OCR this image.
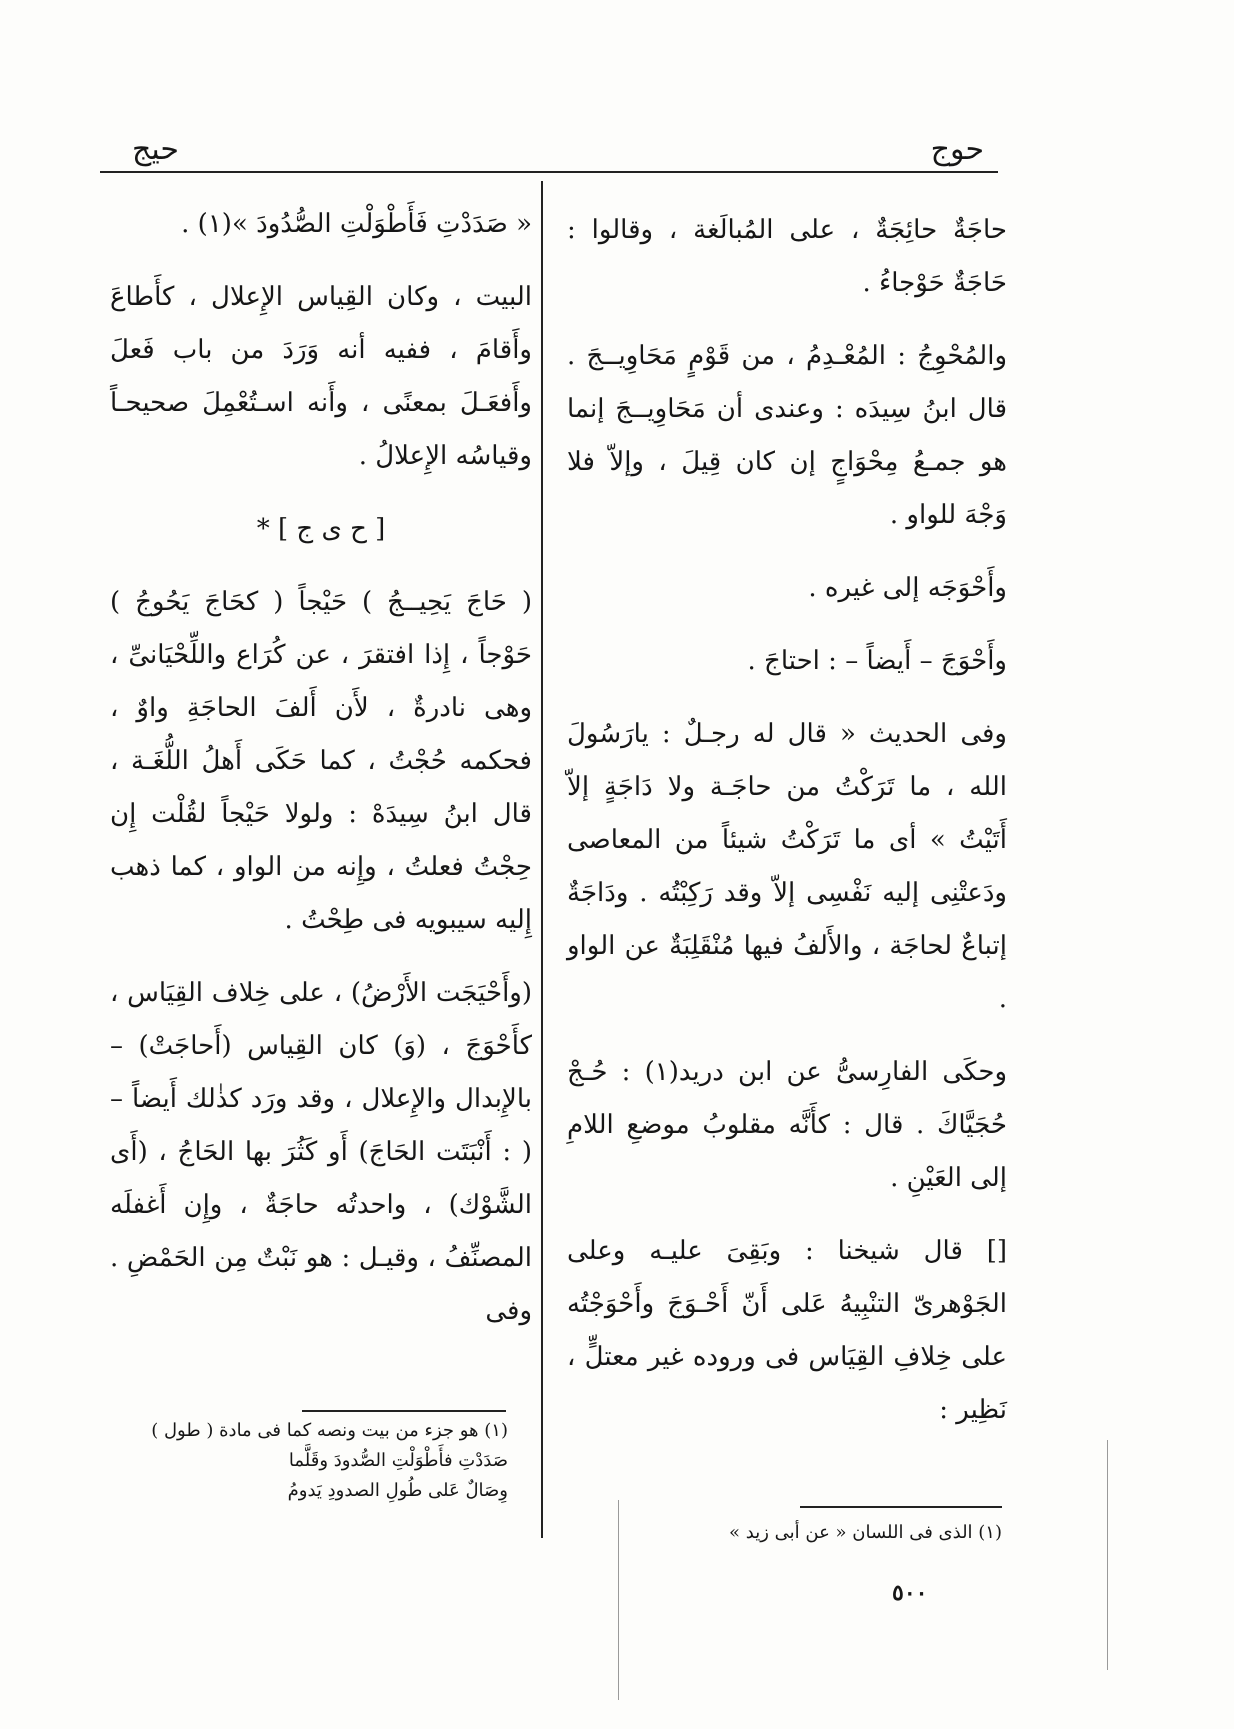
حوج
حيج

حاجَةٌ حائِجَةٌ ، على المُبالَغة ، وقالوا : حَاجَةٌ حَوْجاءُ .

والمُحْوِجُ : المُعْـدِمُ ، من قَوْمٍ مَحَاوِيــجَ . قال ابنُ سِيدَه : وعندى أن مَحَاوِيــجَ إنما هو جمـعُ مِحْوَاجٍ إن كان قِيلَ ، وإلاّ فلا وَجْهَ للواو .

وأَحْوَجَه إلى غيره .

وأَحْوَجَ – أَيضاً – : احتاجَ .

وفى الحديث « قال له رجـلٌ : يارَسُولَ الله ، ما تَرَكْتُ من حاجَـة ولا دَاجَةٍ إلاّ أَتَيْتُ » أى ما تَرَكْتُ شيئاً من المعاصى ودَعتْنِى إليه نَفْسِى إلاّ وقد رَكِبْتُه . ودَاجَةٌ إتباعٌ لحاجَة ، والأَلفُ فيها مُنْقَلِبَةٌ عن الواو .

وحكَى الفارِسىُّ عن ابن دريد(١) : حُـجْ حُجَيَّاكَ . قال : كأَنَّه مقلوبُ موضعِ اللامِ إلى العَيْنِ .

[] قال شيخنا : وبَقِىَ عليـه وعلى الجَوْهرىّ التنْبِيهُ عَلى أَنّ أَحْـوَجَ وأَحْوَجْتُه على خِلافِ القِيَاس فى وروده غير معتلٍّ ، نَظِير :

« صَدَدْتِ فَأَطْوَلْتِ الصُّدُودَ »(١) .

البيت ، وكان القِياس الإِعلال ، كأَطاعَ وأَقامَ ، ففيه أنه وَرَدَ من باب فَعلَ وأَفعَـلَ بمعنًى ، وأَنه اسـتُعْمِلَ صحيحـاً وقياسُه الإِعلالُ .

[ ح ى ج ] *

( حَاجَ يَحِيــجُ ) حَيْجاً ( كحَاجَ يَحُوجُ ) حَوْجاً ، إِذا افتقرَ ، عن كُرَاع واللِّحْيَانىِّ ، وهى نادرةٌ ، لأَن أَلفَ الحاجَةِ واوٌ ، فحكمه حُجْتُ ، كما حَكَى أَهلُ اللُّغَـة ، قال ابنُ سِيدَهْ : ولولا حَيْجاً لقُلْت إِن حِجْتُ فعلتُ ، وإِنه من الواو ، كما ذهب إِليه سيبويه فى طِحْتُ .

(وأَحْيَجَت الأَرْضُ) ، على خِلاف القِيَاس ، كأَحْوَجَ ، (وَ) كان القِياس (أَحاجَتْ) – بالإِبدال والإِعلال ، وقد ورَد كذٰلك أَيضاً – ( : أَنْبَتَت الحَاجَ) أَو كَثُرَ بها الحَاجُ ، (أَى الشَّوْك) ، واحدتُه حاجَةٌ ، وإِن أَغفلَه المصنِّفُ ، وقيـل : هو نَبْتٌ مِن الحَمْضِ . وفى

(١) الذى فى اللسان « عن أبى زيد »

(١) هو جزء من بيت ونصه كما فى مادة ( طول )

صَدَدْتِ فأَطْوَلْتِ الصُّدودَ وقَلَّما

وِصَالٌ عَلى طُولِ الصدودِ يَدومُ

٥٠٠
